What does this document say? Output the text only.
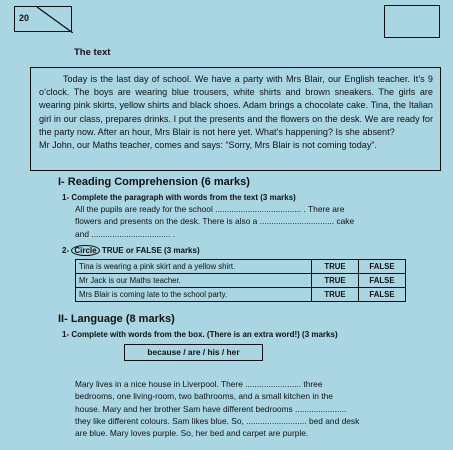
20
The text

Today is the last day of school. We have a party with Mrs Blair, our English teacher. It’s 9 o’clock. The boys are wearing blue trousers, white shirts and brown sneakers. The girls are wearing pink skirts, yellow shirts and black shoes. Adam brings a chocolate cake. Tina, the Italian girl in our class, prepares drinks. I put the presents and the flowers on the desk. We are ready for the party now. After an hour, Mrs Blair is not here yet. What’s happening? Is she absent?

Mr John, our Maths teacher, comes and says: “Sorry, Mrs Blair is not coming today”.
I- Reading Comprehension (6 marks)
1- Complete the paragraph with words from the text (3 marks)
All the pupils are ready for the school ..................................... . There are
flowers and presents on the desk. There is also a ................................ cake
and .................................. .
2- Circle TRUE or FALSE (3 marks)
Tina is wearing a pink skirt and a yellow shirt.	TRUE	FALSE
Mr Jack is our Maths teacher.	TRUE	FALSE
Mrs Blair is coming late to the school party.	TRUE	FALSE
II- Language (8 marks)
1- Complete with words from the box. (There is an extra word!) (3 marks)
because / are / his / her
Mary lives in a nice house in Liverpool. There ........................ three
bedrooms, one living-room, two bathrooms, and a small kitchen in the
house. Mary and her brother Sam have different bedrooms ......................
they like different colours. Sam likes blue. So, .......................... bed and desk
are blue. Mary loves purple. So, her bed and carpet are purple.
